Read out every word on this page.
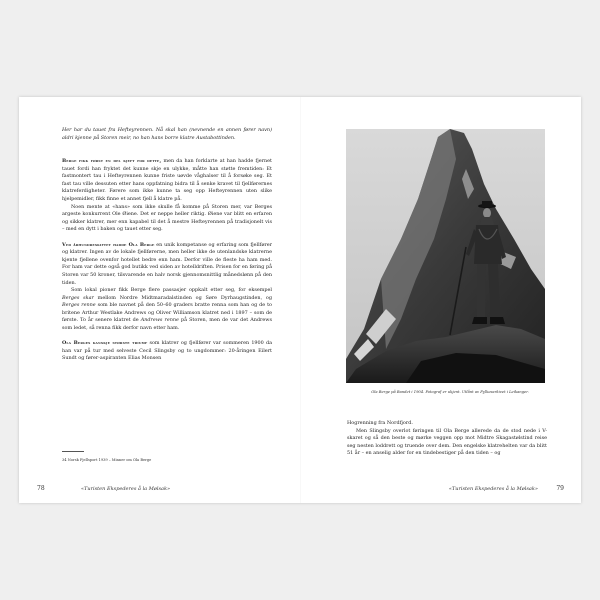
Her har du tauet fra Hefteyrennen. Nå skal han (nevnende en annen fører navn) aldri kjenne på Storen meir, no han hans borre klatre Austabottinden.

Berge fikk først en del kjeft for dette, men da han forklarte at han hadde fjernet tauet fordi han fryktet det kunne skje en ulykke, måtte han støtte fremtiden: Et fastmontert tau i Hefteyrennen kunne friste uøvde våghalser til å forsøke seg. Et fast tau ville dessuten etter hans oppfatning bidra til å senke kravet til fjellførernes klatreferdigheter. Førere som ikke kunne ta seg opp Hefteyrennen uten slike hjelpemidler, fikk finne et annet fjell å klatre på.

Noen mente at «hans» som ikke skulle få komme på Storen mer, var Berges argeste konkurrent Ole Øiene. Det er neppe heller riktig. Øiene var blitt en erfaren og sikker klatrer, mer enn kapabel til det å mestre Hefteyrennen på tradisjonelt vis – med en dytt i baken og tauet etter seg.

Ved århundreskiftet hadde Ola Berge en unik kompetanse og erfaring som fjellfører og klatrer. Ingen av de lokale fjellførerne, men heller ikke de utenlandske klatrerne kjente fjellene ovenfor hotellet bedre enn ham. Derfor ville de fleste ha ham med. For ham var dette også god butikk ved siden av hotelldriften. Prisen for en føring på Storen var 50 kroner, tilsvarende en halv norsk gjennomsnittlig månedslønn på den tiden.

Som lokal pioner fikk Berge flere passasjer oppkalt etter seg, for eksempel Berges skar mellom Nordre Midtmaradalstinden og Søre Dyrhaugstinden, og Berges renne som ble navnet på den 50–60 graders bratte renna som han og de to britene Arthur Westlake Andrews og Oliver Williamson klatret ned i 1897 – som de første. To år senere klatret de Andrews renne på Storen, men de var det Andrews som ledet, så renna fikk derfor navn etter ham.

Ola Berges kanskje største triumf som klatrer og fjellfører var sommeren 1900 da han var på tur med selveste Cecil Slingsby og to ungdommer: 20-åringen Eilert Sundt og fører-aspiranten Elias Monsen

34 Norsk Fjellsport 1939 – Minner om Ola Berge
78	«Turisten Ekspederes å la Mølsak»
Ola Berge på Bandet i 1904. Fotograf er ukjent. Utlånt av Fylkesarkivet i Leikanger.

Hogrenning fra Nordfjord.

Men Slingsby overlot føringen til Ola Berge allerede da de stod nede i V-skaret og så den beste og mørke veggen opp mot Midtre Skagastølstind reise seg nesten loddrett og truende over dem. Den engelske klatrehelten var da blitt 51 år – en anselig alder for en tindebestiger på den tiden – og

«Turisten Ekspederes å la Mølsak»	79
